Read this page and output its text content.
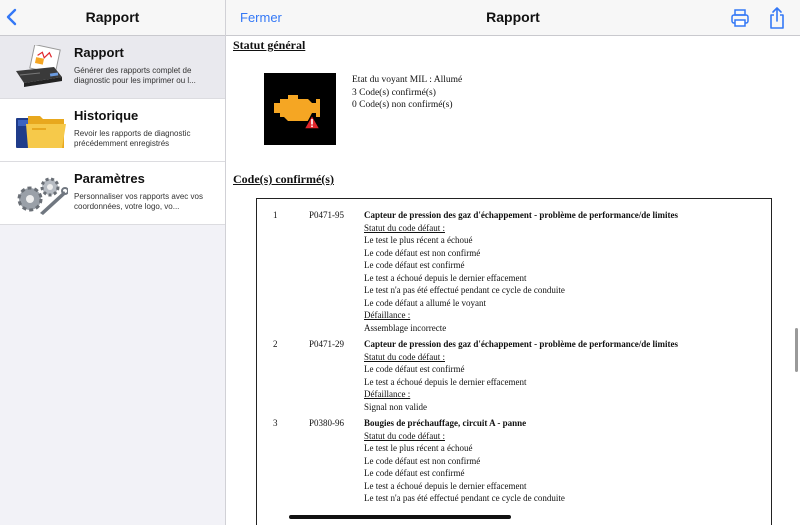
Rapport
Rapport
Générer des rapports complet de diagnostic pour les imprimer ou l...
Historique
Revoir les rapports de diagnostic précédemment enregistrés
Paramètres
Personnaliser vos rapports avec vos coordonnées, votre logo, vo...
Fermer	Rapport
Statut général
Etat du voyant MIL : Allumé
3 Code(s) confirmé(s)
0 Code(s) non confirmé(s)
Code(s) confirmé(s)
1	P0471-95 Capteur de pression des gaz d'échappement - problème de performance/de limites
Statut du code défaut :
Le test le plus récent a échoué
Le code défaut est non confirmé
Le code défaut est confirmé
Le test a échoué depuis le dernier effacement
Le test n'a pas été effectué pendant ce cycle de conduite
Le code défaut a allumé le voyant
Défaillance :
Assemblage incorrecte
2	P0471-29 Capteur de pression des gaz d'échappement - problème de performance/de limites
Statut du code défaut :
Le code défaut est confirmé
Le test a échoué depuis le dernier effacement
Défaillance :
Signal non valide
3	P0380-96 Bougies de préchauffage, circuit A - panne
Statut du code défaut :
Le test le plus récent a échoué
Le code défaut est non confirmé
Le code défaut est confirmé
Le test a échoué depuis le dernier effacement
Le test n'a pas été effectué pendant ce cycle de conduite
